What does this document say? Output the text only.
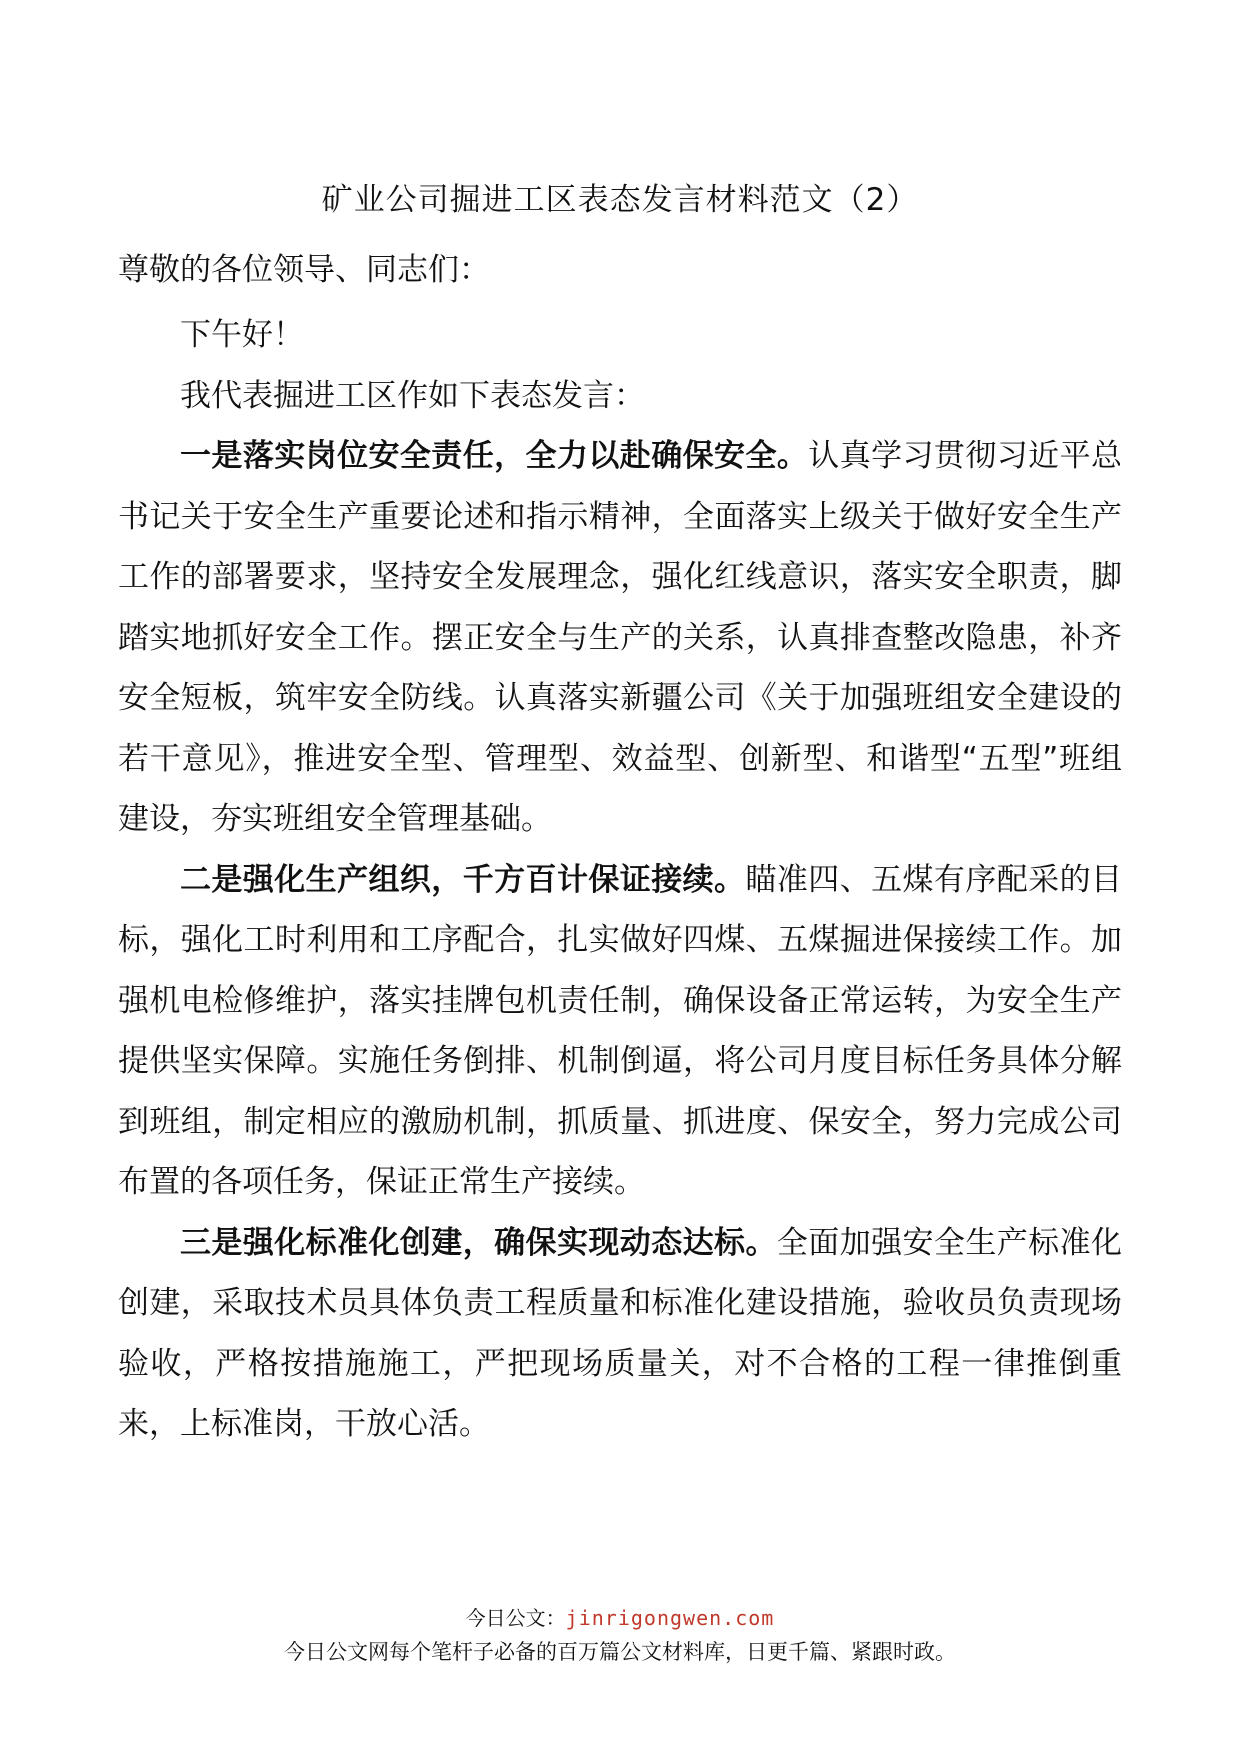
矿业公司掘进工区表态发言材料范文（2）
尊敬的各位领导、同志们：

下午好！

我代表掘进工区作如下表态发言：

一是落实岗位安全责任，全力以赴确保安全。认真学习贯彻习近平总书记关于安全生产重要论述和指示精神，全面落实上级关于做好安全生产工作的部署要求，坚持安全发展理念，强化红线意识，落实安全职责，脚踏实地抓好安全工作。摆正安全与生产的关系，认真排查整改隐患，补齐安全短板，筑牢安全防线。认真落实新疆公司《关于加强班组安全建设的若干意见》，推进安全型、管理型、效益型、创新型、和谐型“五型”班组建设，夯实班组安全管理基础。

二是强化生产组织，千方百计保证接续。瞄准四、五煤有序配采的目标，强化工时利用和工序配合，扎实做好四煤、五煤掘进保接续工作。加强机电检修维护，落实挂牌包机责任制，确保设备正常运转，为安全生产提供坚实保障。实施任务倒排、机制倒逼，将公司月度目标任务具体分解到班组，制定相应的激励机制，抓质量、抓进度、保安全，努力完成公司布置的各项任务，保证正常生产接续。

三是强化标准化创建，确保实现动态达标。全面加强安全生产标准化创建，采取技术员具体负责工程质量和标准化建设措施，验收员负责现场验收，严格按措施施工，严把现场质量关，对不合格的工程一律推倒重来，上标准岗，干放心活。

今日公文：jinrigongwen.com
今日公文网每个笔杆子必备的百万篇公文材料库，日更千篇、紧跟时政。
